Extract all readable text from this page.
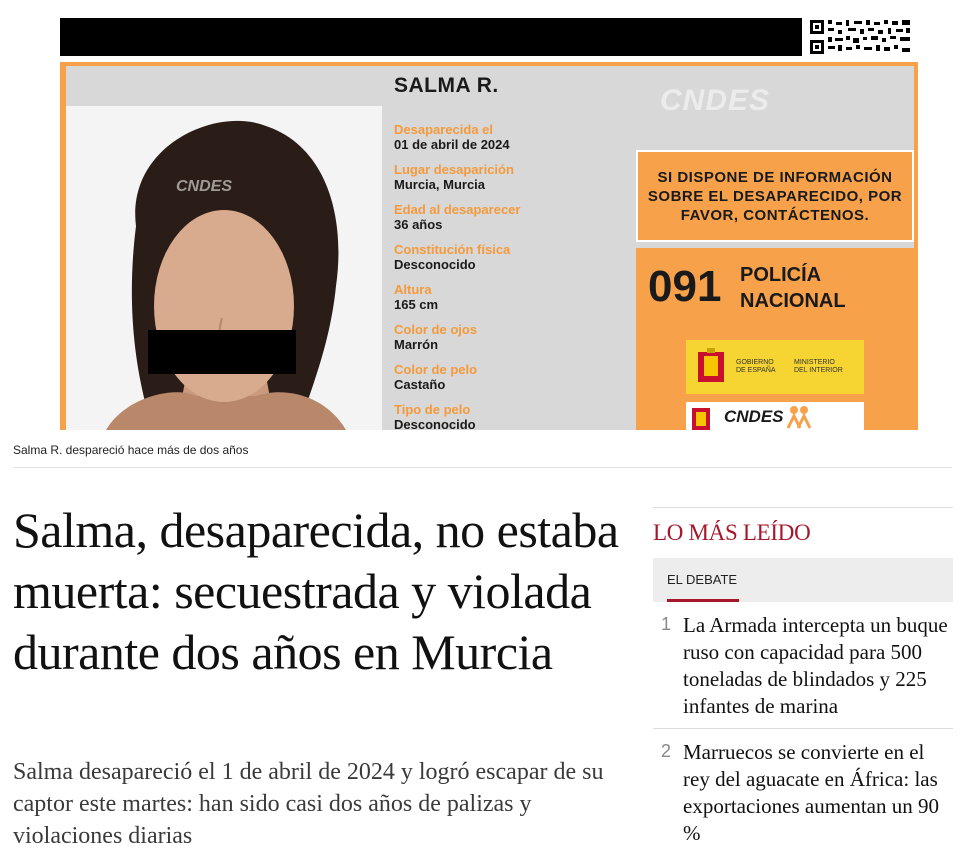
CNDES
SALMA R.	CNDES
Desaparecida el
01 de abril de 2024
Lugar desaparición
Murcia, Murcia
Edad al desaparecer
36 años
Constitución física
Desconocido
Altura
165 cm
Color de ojos
Marrón
Color de pelo
Castaño
Tipo de pelo
Desconocido
SI DISPONE DE INFORMACIÓN SOBRE EL DESAPARECIDO, POR FAVOR, CONTÁCTENOS.
091 POLICÍA NACIONAL
GOBIERNO DE ESPAÑA
MINISTERIO DEL INTERIOR
CNDES
Salma R. despareció hace más de dos años
Salma, desaparecida, no estaba muerta: secuestrada y violada durante dos años en Murcia

Salma desapareció el 1 de abril de 2024 y logró escapar de su captor este martes: han sido casi dos años de palizas y violaciones diarias

LO MÁS LEÍDO
EL DEBATE
1 La Armada intercepta un buque ruso con capacidad para 500 toneladas de blindados y 225 infantes de marina
2 Marruecos se convierte en el rey del aguacate en África: las exportaciones aumentan un 90 %
